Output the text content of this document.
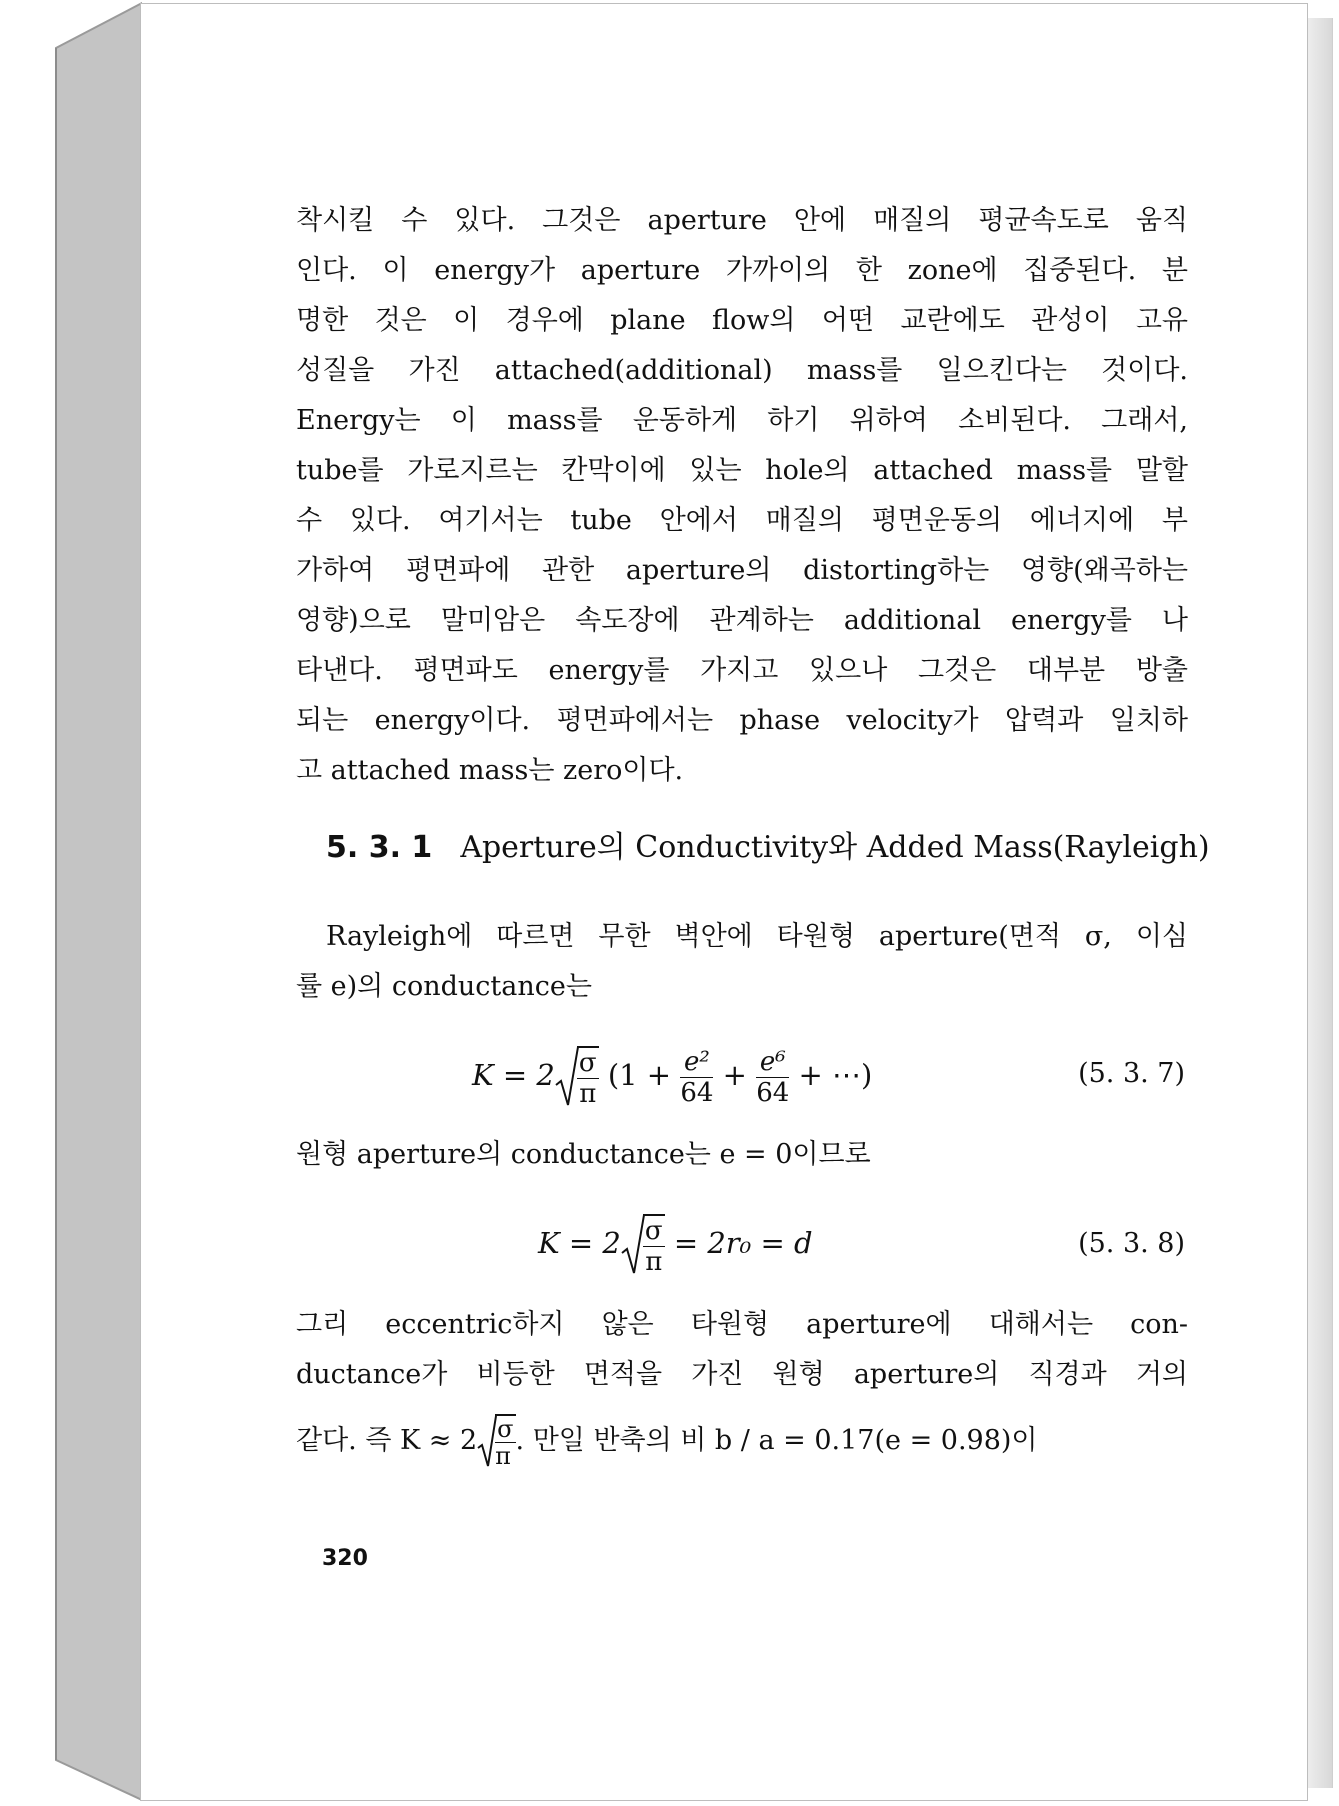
착시킬 수 있다. 그것은 aperture 안에 매질의 평균속도로 움직
인다. 이 energy가 aperture 가까이의 한 zone에 집중된다. 분
명한 것은 이 경우에 plane flow의 어떤 교란에도 관성이 고유
성질을 가진 attached(additional) mass를 일으킨다는 것이다.
Energy는 이 mass를 운동하게 하기 위하여 소비된다. 그래서,
tube를 가로지르는 칸막이에 있는 hole의 attached mass를 말할
수 있다. 여기서는 tube 안에서 매질의 평면운동의 에너지에 부
가하여 평면파에 관한 aperture의 distorting하는 영향(왜곡하는
영향)으로 말미암은 속도장에 관계하는 additional energy를 나
타낸다. 평면파도 energy를 가지고 있으나 그것은 대부분 방출
되는 energy이다. 평면파에서는 phase velocity가 압력과 일치하
고 attached mass는 zero이다.
5. 3. 1 Aperture의 Conductivity와 Added Mass(Rayleigh)
Rayleigh에 따르면 무한 벽안에 타원형 aperture(면적 σ, 이심
률 e)의 conductance는
$K = 2 \frac{\sigma}{\pi} (1 + \frac{\text{e²}}{64} + \frac{\text{e⁶}}{64}$ + ⋯)	(5. 3. 7)
원형 aperture의 conductance는 e = 0이므로
$K = 2 \frac{\sigma}{\pi} = 2r_0 = d$	(5. 3. 8)
그리 eccentric하지 않은 타원형 aperture에 대해서는 con-
ductance가 비등한 면적을 가진 원형 aperture의 직경과 거의
같다. 즉 $K \approx 2 \frac{\sigma}{\pi}$ . 만일 반축의 비 b / a = 0.17(e = 0.98)이
320
